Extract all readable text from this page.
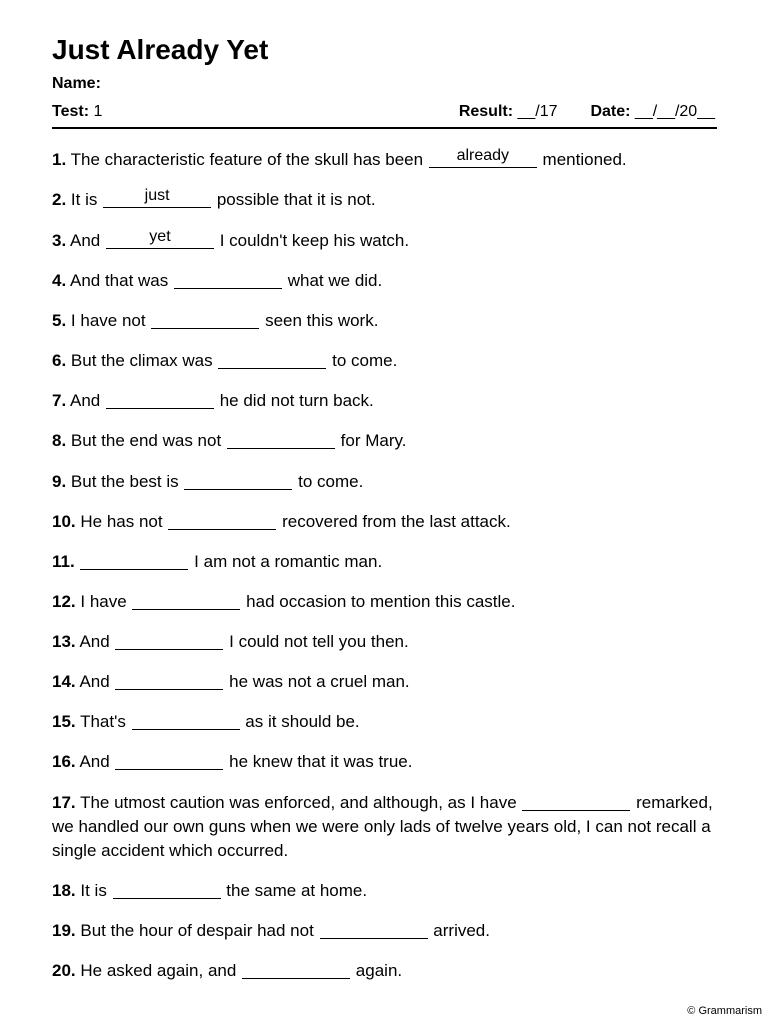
Just Already Yet
Name:
Test: 1	Result: __/17 Date: __/__/20__
1. The characteristic feature of the skull has been	already	mentioned.
2. It is	just	possible that it is not.
3. And	yet	I couldn't keep his watch.
4. And that was	what we did.
5. I have not	seen this work.
6. But the climax was	to come.
7. And	he did not turn back.
8. But the end was not	for Mary.
9. But the best is	to come.
10. He has not	recovered from the last attack.
11.	I am not a romantic man.
12. I have	had occasion to mention this castle.
13. And	I could not tell you then.
14. And	he was not a cruel man.
15. That's	as it should be.
16. And	he knew that it was true.
17. The utmost caution was enforced, and although, as I have	remarked, we handled our own guns when we were only lads of twelve years old, I can not recall a single accident which occurred.
18. It is	the same at home.
19. But the hour of despair had not	arrived.
20. He asked again, and	again.
© Grammarism
